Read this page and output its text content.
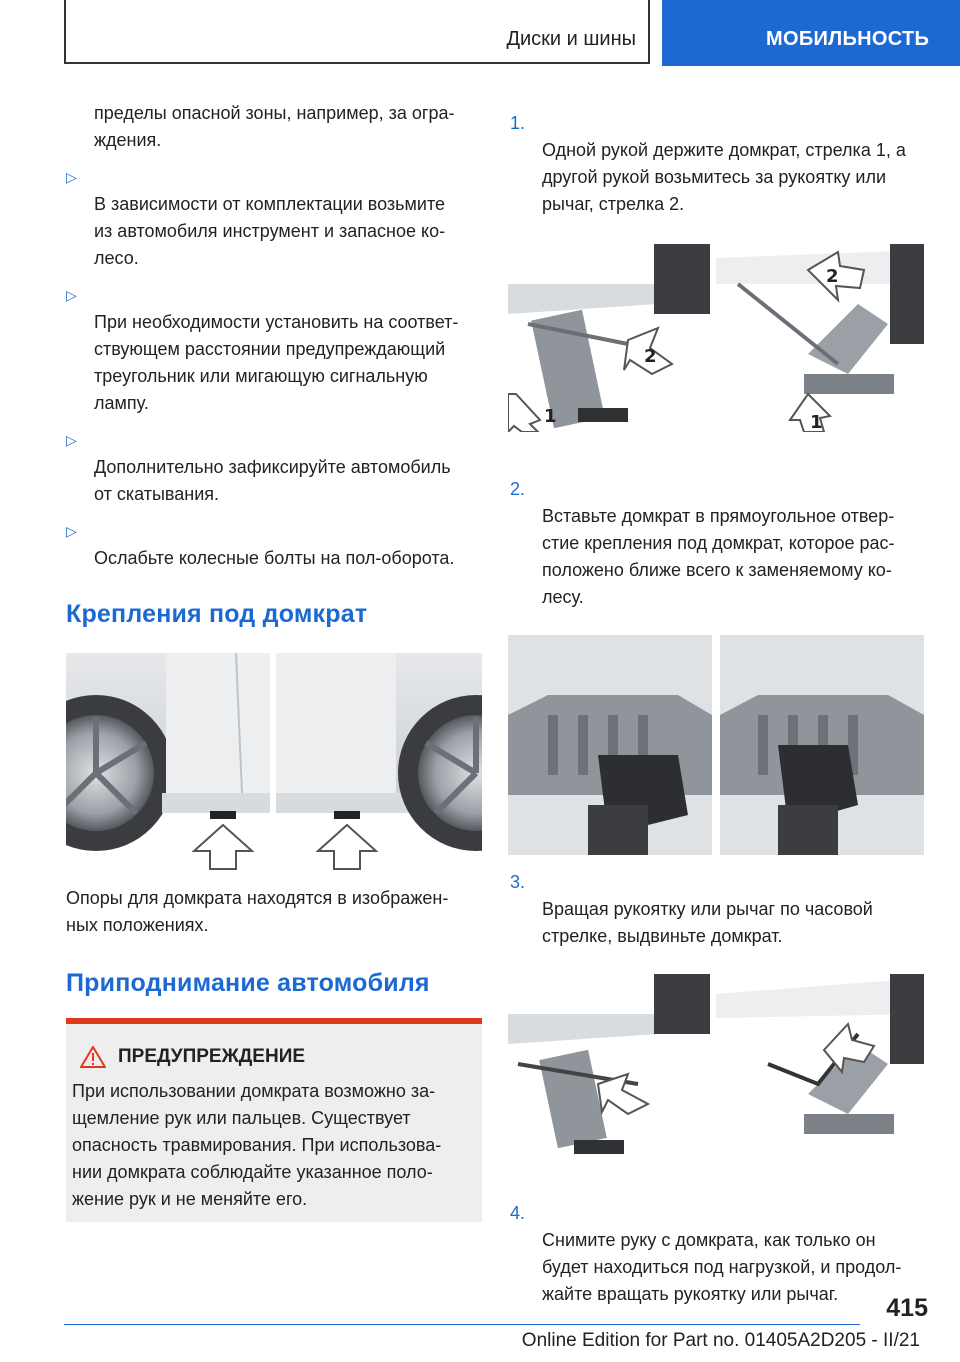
Диски и шины	МОБИЛЬНОСТЬ
пределы опасной зоны, например, за огра-
ждения.

▷
В зависимости от комплектации возьмите
из автомобиля инструмент и запасное ко-
лесо.

▷
При необходимости установить на соответ-
ствующем расстоянии предупреждающий
треугольник или мигающую сигнальную
лампу.

▷
Дополнительно зафиксируйте автомобиль
от скатывания.

▷
Ослабьте колесные болты на пол-оборота.

Крепления под домкрат
Опоры для домкрата находятся в изображен-
ных положениях.
Приподнимание автомобиля
ПРЕДУПРЕЖДЕНИЕ
При использовании домкрата возможно за-
щемление рук или пальцев. Существует
опасность травмирования. При использова-
нии домкрата соблюдайте указанное поло-
жение рук и не меняйте его.

1.
Одной рукой держите домкрат, стрелка 1, а
другой рукой возьмитесь за рукоятку или
рычаг, стрелка 2.

1
2
2
1

2.
Вставьте домкрат в прямоугольное отвер-
стие крепления под домкрат, которое рас-
положено ближе всего к заменяемому ко-
лесу.

3.
Вращая рукоятку или рычаг по часовой
стрелке, выдвиньте домкрат.

4.
Снимите руку с домкрата, как только он
будет находиться под нагрузкой, и продол-
жайте вращать рукоятку или рычаг.	415
Online Edition for Part no. 01405A2D205 - II/21
